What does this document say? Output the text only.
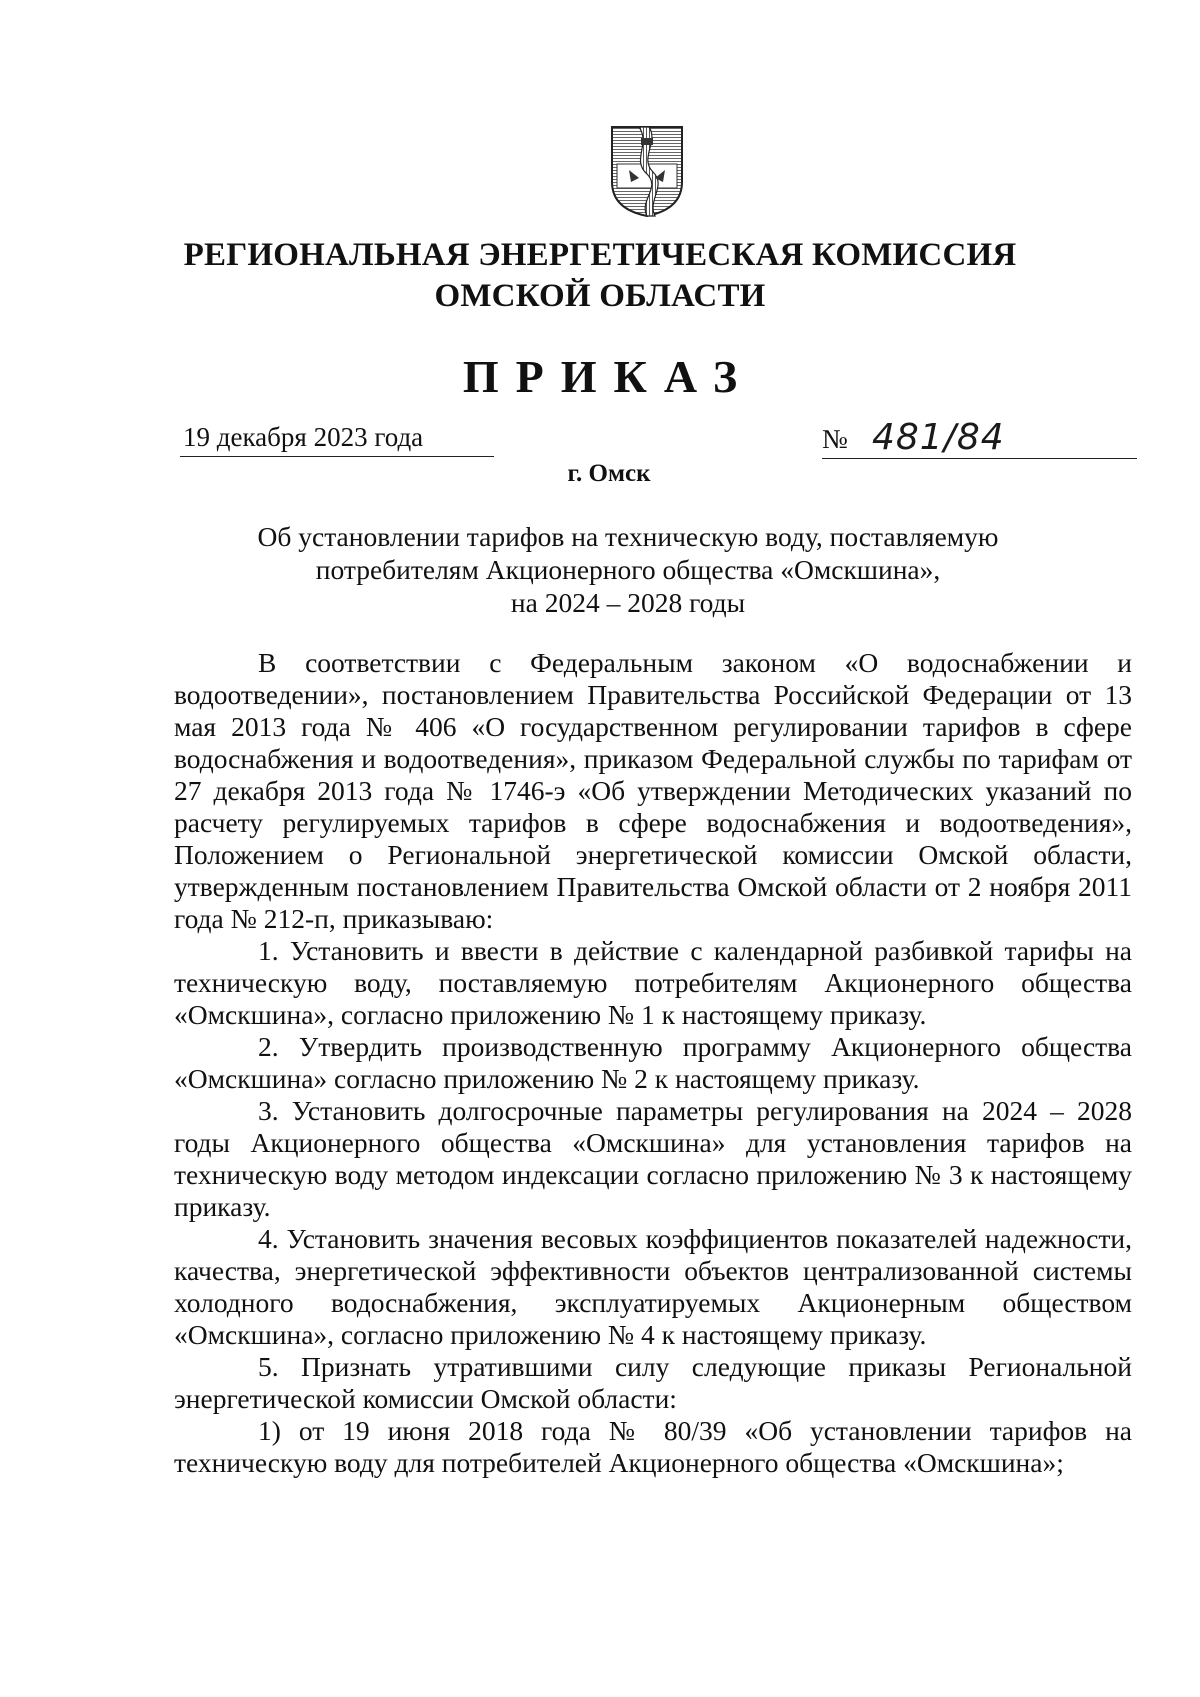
РЕГИОНАЛЬНАЯ ЭНЕРГЕТИЧЕСКАЯ КОМИССИЯ
ОМСКОЙ ОБЛАСТИ
ПРИКАЗ
19 декабря 2023 года	№ 481/84
г. Омск
Об установлении тарифов на техническую воду, поставляемую
потребителям Акционерного общества «Омскшина»,
на 2024 – 2028 годы

В соответствии с Федеральным законом «О водоснабжении и водоотведении», постановлением Правительства Российской Федерации от 13 мая 2013 года № 406 «О государственном регулировании тарифов в сфере водоснабжения и водоотведения», приказом Федеральной службы по тарифам от 27 декабря 2013 года № 1746-э «Об утверждении Методических указаний по расчету регулируемых тарифов в сфере водоснабжения и водоотведения», Положением о Региональной энергетической комиссии Омской области, утвержденным постановлением Правительства Омской области от 2 ноября 2011 года № 212-п, приказываю:

1. Установить и ввести в действие с календарной разбивкой тарифы на техническую воду, поставляемую потребителям Акционерного общества «Омскшина», согласно приложению № 1 к настоящему приказу.

2. Утвердить производственную программу Акционерного общества «Омскшина» согласно приложению № 2 к настоящему приказу.

3. Установить долгосрочные параметры регулирования на 2024 – 2028 годы Акционерного общества «Омскшина» для установления тарифов на техническую воду методом индексации согласно приложению № 3 к настоящему приказу.

4. Установить значения весовых коэффициентов показателей надежности, качества, энергетической эффективности объектов централизованной системы холодного водоснабжения, эксплуатируемых Акционерным обществом «Омскшина», согласно приложению № 4 к настоящему приказу.

5. Признать утратившими силу следующие приказы Региональной энергетической комиссии Омской области:

1) от 19 июня 2018 года № 80/39 «Об установлении тарифов на техническую воду для потребителей Акционерного общества «Омскшина»;
